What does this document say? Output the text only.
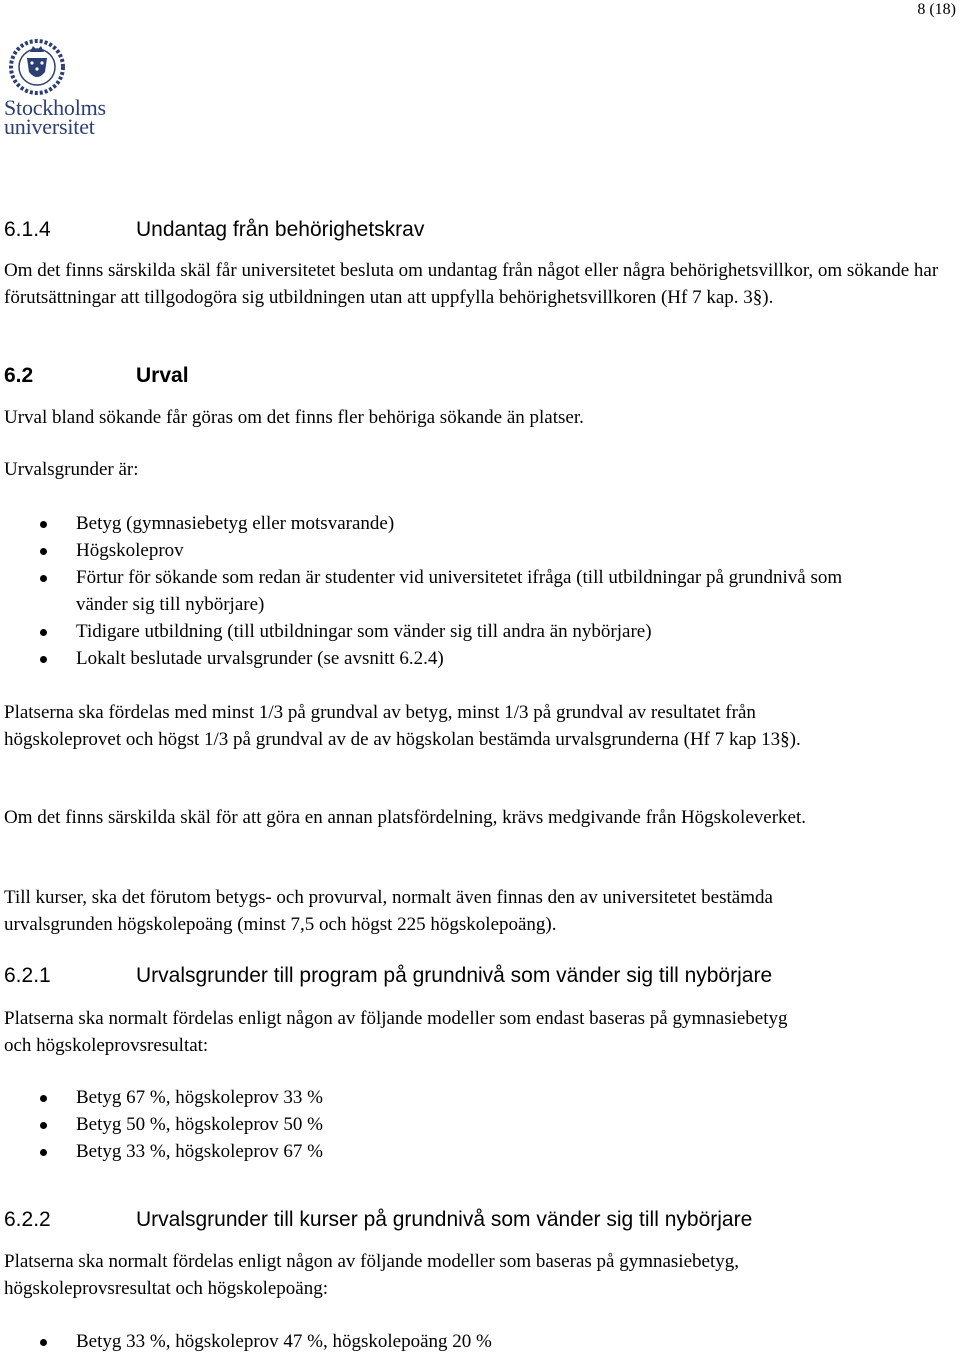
8 (18)
Stockholms
universitet
6.1.4	Undantag från behörighetskrav
Om det finns särskilda skäl får universitetet besluta om undantag från något eller några behörighetsvillkor, om sökande har förutsättningar att tillgodogöra sig utbildningen utan att uppfylla behörighetsvillkoren (Hf 7 kap. 3§).
6.2	Urval
Urval bland sökande får göras om det finns fler behöriga sökande än platser.
Urvalsgrunder är:
Betyg (gymnasiebetyg eller motsvarande)
Högskoleprov
Förtur för sökande som redan är studenter vid universitetet ifråga (till utbildningar på grundnivå som vänder sig till nybörjare)
Tidigare utbildning (till utbildningar som vänder sig till andra än nybörjare)
Lokalt beslutade urvalsgrunder (se avsnitt 6.2.4)
Platserna ska fördelas med minst 1/3 på grundval av betyg, minst 1/3 på grundval av resultatet från högskoleprovet och högst 1/3 på grundval av de av högskolan bestämda urvalsgrunderna (Hf 7 kap 13§).
Om det finns särskilda skäl för att göra en annan platsfördelning, krävs medgivande från Högskoleverket.
Till kurser, ska det förutom betygs- och provurval, normalt även finnas den av universitetet bestämda urvalsgrunden högskolepoäng (minst 7,5 och högst 225 högskolepoäng).
6.2.1	Urvalsgrunder till program på grundnivå som vänder sig till nybörjare
Platserna ska normalt fördelas enligt någon av följande modeller som endast baseras på gymnasiebetyg och högskoleprovsresultat:
Betyg 67 %, högskoleprov 33 %
Betyg 50 %, högskoleprov 50 %
Betyg 33 %, högskoleprov 67 %
6.2.2	Urvalsgrunder till kurser på grundnivå som vänder sig till nybörjare
Platserna ska normalt fördelas enligt någon av följande modeller som baseras på gymnasiebetyg, högskoleprovsresultat och högskolepoäng:
Betyg 33 %, högskoleprov 47 %, högskolepoäng 20 %
